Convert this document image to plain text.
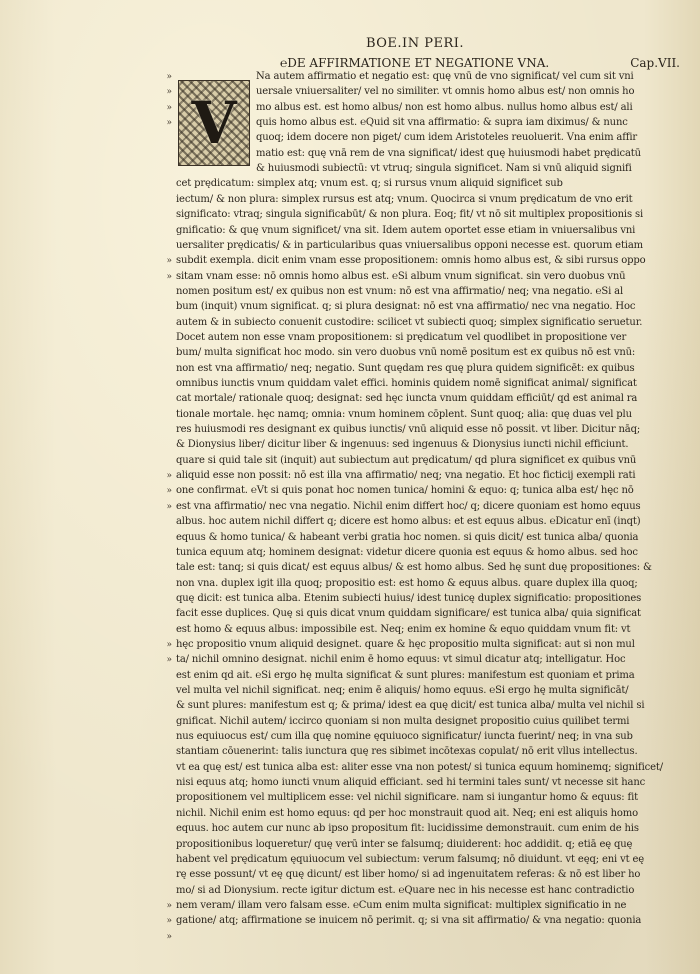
BOE.IN PERI.
℮DE AFFIRMATIONE ET NEGATIONE VNA.	Cap.VII.
»
»
»
»
»
»
»
»
»
»
»
»
»
»
V
Na autem affirmatio et negatio est: quę vnū de vno significat/ vel cum sit vni
uersale vniuersaliter/ vel no similiter. vt omnis homo albus est/ non omnis ho
mo albus est. est homo albus/ non est homo albus. nullus homo albus est/ ali
quis homo albus est. ℮Quid sit vna affirmatio: & supra iam diximus/ & nunc
quoq; idem docere non piget/ cum idem Aristoteles reuoluerit. Vna enim affir
matio est: quę vnā rem de vna significat/ idest quę huiusmodi habet prędicatū
& huiusmodi subiectū: vt vtruq; singula significet. Nam si vnū aliquid signifi
cet prędicatum: simplex atq; vnum est. q; si rursus vnum aliquid significet sub
iectum/ & non plura: simplex rursus est atq; vnum. Quocirca si vnum prędicatum de vno erit
significato: vtraq; singula significabūt/ & non plura. Eoq; fit/ vt nō sit multiplex propositionis si
gnificatio: & quę vnum significet/ vna sit. Idem autem oportet esse etiam in vniuersalibus vni
uersaliter prędicatis/ & in particularibus quas vniuersalibus opponi necesse est. quorum etiam
subdit exempla. dicit enim vnam esse propositionem: omnis homo albus est, & sibi rursus oppo
sitam vnam esse: nō omnis homo albus est. ℮Si album vnum significat. sin vero duobus vnū
nomen positum est/ ex quibus non est vnum: nō est vna affirmatio/ neq; vna negatio. ℮Si al
bum (inquit) vnum significat. q; si plura designat: nō est vna affirmatio/ nec vna negatio. Hoc
autem & in subiecto conuenit custodire: scilicet vt subiecti quoq; simplex significatio seruetur.
Docet autem non esse vnam propositionem: si prędicatum vel quodlibet in propositione ver
bum/ multa significat hoc modo. sin vero duobus vnū nomē positum est ex quibus nō est vnū:
non est vna affirmatio/ neq; negatio. Sunt quędam res quę plura quidem significēt: ex quibus
omnibus iunctis vnum quiddam valet effici. hominis quidem nomē significat animal/ significat
cat mortale/ rationale quoq; designat: sed hęc iuncta vnum quiddam efficiūt/ qd est animal ra
tionale mortale. hęc namq; omnia: vnum hominem cōplent. Sunt quoq; alia: quę duas vel plu
res huiusmodi res designant ex quibus iunctis/ vnū aliquid esse nō possit. vt liber. Dicitur nāq;
& Dionysius liber/ dicitur liber & ingenuus: sed ingenuus & Dionysius iuncti nichil efficiunt.
quare si quid tale sit (inquit) aut subiectum aut prędicatum/ qd plura significet ex quibus vnū
aliquid esse non possit: nō est illa vna affirmatio/ neq; vna negatio. Et hoc ficticij exempli rati
one confirmat. ℮Vt si quis ponat hoc nomen tunica/ homini & equo: q; tunica alba est/ hęc nō
est vna affirmatio/ nec vna negatio. Nichil enim differt hoc/ q; dicere quoniam est homo equus
albus. hoc autem nichil differt q; dicere est homo albus: et est equus albus. ℮Dicatur enī (inqt)
equus & homo tunica/ & habeant verbi gratia hoc nomen. si quis dicit/ est tunica alba/ quonia
tunica equum atq; hominem designat: videtur dicere quonia est equus & homo albus. sed hoc
tale est: tanq; si quis dicat/ est equus albus/ & est homo albus. Sed hę sunt duę propositiones: &
non vna. duplex igit illa quoq; propositio est: est homo & equus albus. quare duplex illa quoq;
quę dicit: est tunica alba. Etenim subiecti huius/ idest tunicę duplex significatio: propositiones
facit esse duplices. Quę si quis dicat vnum quiddam significare/ est tunica alba/ quia significat
est homo & equus albus: impossibile est. Neq; enim ex homine & equo quiddam vnum fit: vt
hęc propositio vnum aliquid designet. quare & hęc propositio multa significat: aut si non mul
ta/ nichil omnino designat. nichil enim ē homo equus: vt simul dicatur atq; intelligatur. Hoc
est enim qd ait. ℮Si ergo hę multa significat & sunt plures: manifestum est quoniam et prima
vel multa vel nichil significat. neq; enim ē aliquis/ homo equus. ℮Si ergo hę multa significāt/
& sunt plures: manifestum est q; & prima/ idest ea quę dicit/ est tunica alba/ multa vel nichil si
gnificat. Nichil autem/ iccirco quoniam si non multa designet propositio cuius quilibet termi
nus equiuocus est/ cum illa quę nomine ęquiuoco significatur/ iuncta fuerint/ neq; in vna sub
stantiam cōuenerint: talis iunctura quę res sibimet incōtexas copulat/ nō erit vllus intellectus.
vt ea quę est/ est tunica alba est: aliter esse vna non potest/ si tunica equum hominemq; significet/
nisi equus atq; homo iuncti vnum aliquid efficiant. sed hi termini tales sunt/ vt necesse sit hanc
propositionem vel multiplicem esse: vel nichil significare. nam si iungantur homo & equus: fit
nichil. Nichil enim est homo equus: qd per hoc monstrauit quod ait. Neq; eni est aliquis homo
equus. hoc autem cur nunc ab ipso propositum fit: lucidissime demonstrauit. cum enim de his
propositionibus loqueretur/ quę verū inter se falsumq; diuiderent: hoc addidit. q; etiā eę quę
habent vel prędicatum ęquiuocum vel subiectum: verum falsumq; nō diuidunt. vt eęq; eni vt eę
rę esse possunt/ vt eę quę dicunt/ est liber homo/ si ad ingenuitatem referas: & nō est liber ho
mo/ si ad Dionysium. recte igitur dictum est. ℮Quare nec in his necesse est hanc contradictio
nem veram/ illam vero falsam esse. ℮Cum enim multa significat: multiplex significatio in ne
gatione/ atq; affirmatione se inuicem nō perimit. q; si vna sit affirmatio/ & vna negatio: quonia
